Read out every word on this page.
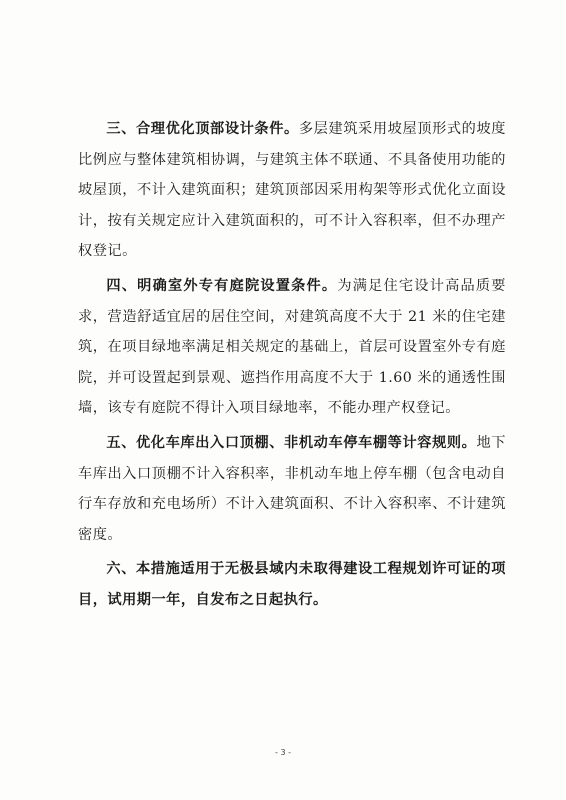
三、合理优化顶部设计条件。多层建筑采用坡屋顶形式的坡度比例应与整体建筑相协调，与建筑主体不联通、不具备使用功能的坡屋顶，不计入建筑面积；建筑顶部因采用构架等形式优化立面设计，按有关规定应计入建筑面积的，可不计入容积率，但不办理产权登记。

四、明确室外专有庭院设置条件。为满足住宅设计高品质要求，营造舒适宜居的居住空间，对建筑高度不大于 21 米的住宅建筑，在项目绿地率满足相关规定的基础上，首层可设置室外专有庭院，并可设置起到景观、遮挡作用高度不大于 1.60 米的通透性围墙，该专有庭院不得计入项目绿地率，不能办理产权登记。

五、优化车库出入口顶棚、非机动车停车棚等计容规则。地下车库出入口顶棚不计入容积率，非机动车地上停车棚（包含电动自行车存放和充电场所）不计入建筑面积、不计入容积率、不计建筑密度。

六、本措施适用于无极县域内未取得建设工程规划许可证的项目，试用期一年，自发布之日起执行。

- 3 -
